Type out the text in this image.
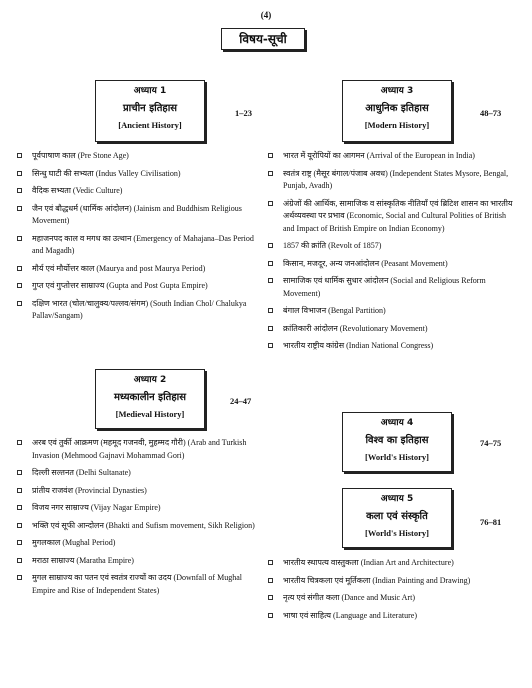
(4)
विषय-सूची
अध्याय 1
प्राचीन इतिहास
[Ancient History]
1–23
पूर्वपाषाण काल (Pre Stone Age)
सिन्धु घाटी की सभ्यता (Indus Valley Civilisation)
वैदिक सभ्यता (Vedic Culture)
जैन एवं बौद्धधर्म (धार्मिक आंदोलन) (Jainism and Buddhism Religious Movement)
महाजनपद काल व मगध का उत्थान (Emergency of Mahajana–Das Period and Magadh)
मौर्य एवं मौर्योत्तर काल (Maurya and post Maurya Period)
गुप्त एवं गुप्तोत्तर साम्राज्य (Gupta and Post Gupta Empire)
दक्षिण भारत (चोल/चालुक्य/पल्लव/संगम) (South Indian Chol/ Chalukya Pallav/Sangam)
अध्याय 2
मध्यकालीन इतिहास
[Medieval History]
24–47
अरब एवं तुर्की आक्रमण (महमूद गजनवी, मुहम्मद गौरी) (Arab and Turkish Invasion (Mehmood Gajnavi Mohammad Gori)
दिल्ली सल्तनत (Delhi Sultanate)
प्रांतीय राजवंश (Provincial Dynasties)
विजय नगर साम्राज्य (Vijay Nagar Empire)
भक्ति एवं सूफी आन्दोलन (Bhakti and Sufism movement, Sikh Religion)
मुगलकाल (Mughal Period)
मराठा साम्राज्य (Maratha Empire)
मुगल साम्राज्य का पतन एवं स्वतंत्र राज्यों का उदय (Downfall of Mughal Empire and Rise of Independent States)
अध्याय 3
आधुनिक इतिहास
[Modern History]
48–73
भारत में यूरोपियों का आगमन (Arrival of the European in India)
स्वतंत्र राष्ट्र (मैसूर बंगाल/पंजाब अवध) (Independent States Mysore, Bengal, Punjab, Avadh)
अंग्रेजों की आर्थिक, सामाजिक व सांस्कृतिक नीतियाँ एवं ब्रिटिश शासन का भारतीय अर्थव्यवस्था पर प्रभाव (Economic, Social and Cultural Polities of British and Impact of British Empire on Indian Economy)
1857 की क्रांति (Revolt of 1857)
किसान, मजदूर, अन्य जनआंदोलन (Peasant Movement)
सामाजिक एवं धार्मिक सुधार आंदोलन (Social and Religious Reform Movement)
बंगाल विभाजन (Bengal Partition)
क्रांतिकारी आंदोलन (Revolutionary Movement)
भारतीय राष्ट्रीय कांग्रेस (Indian National Congress)
अध्याय 4
विश्व का इतिहास
[World's History]
74–75
अध्याय 5
कला एवं संस्कृति
[World's History]
76–81
भारतीय स्थापत्य वास्तुकला (Indian Art and Architecture)
भारतीय चित्रकला एवं मूर्तिकला (Indian Painting and Drawing)
नृत्य एवं संगीत कला (Dance and Music Art)
भाषा एवं साहित्य (Language and Literature)
